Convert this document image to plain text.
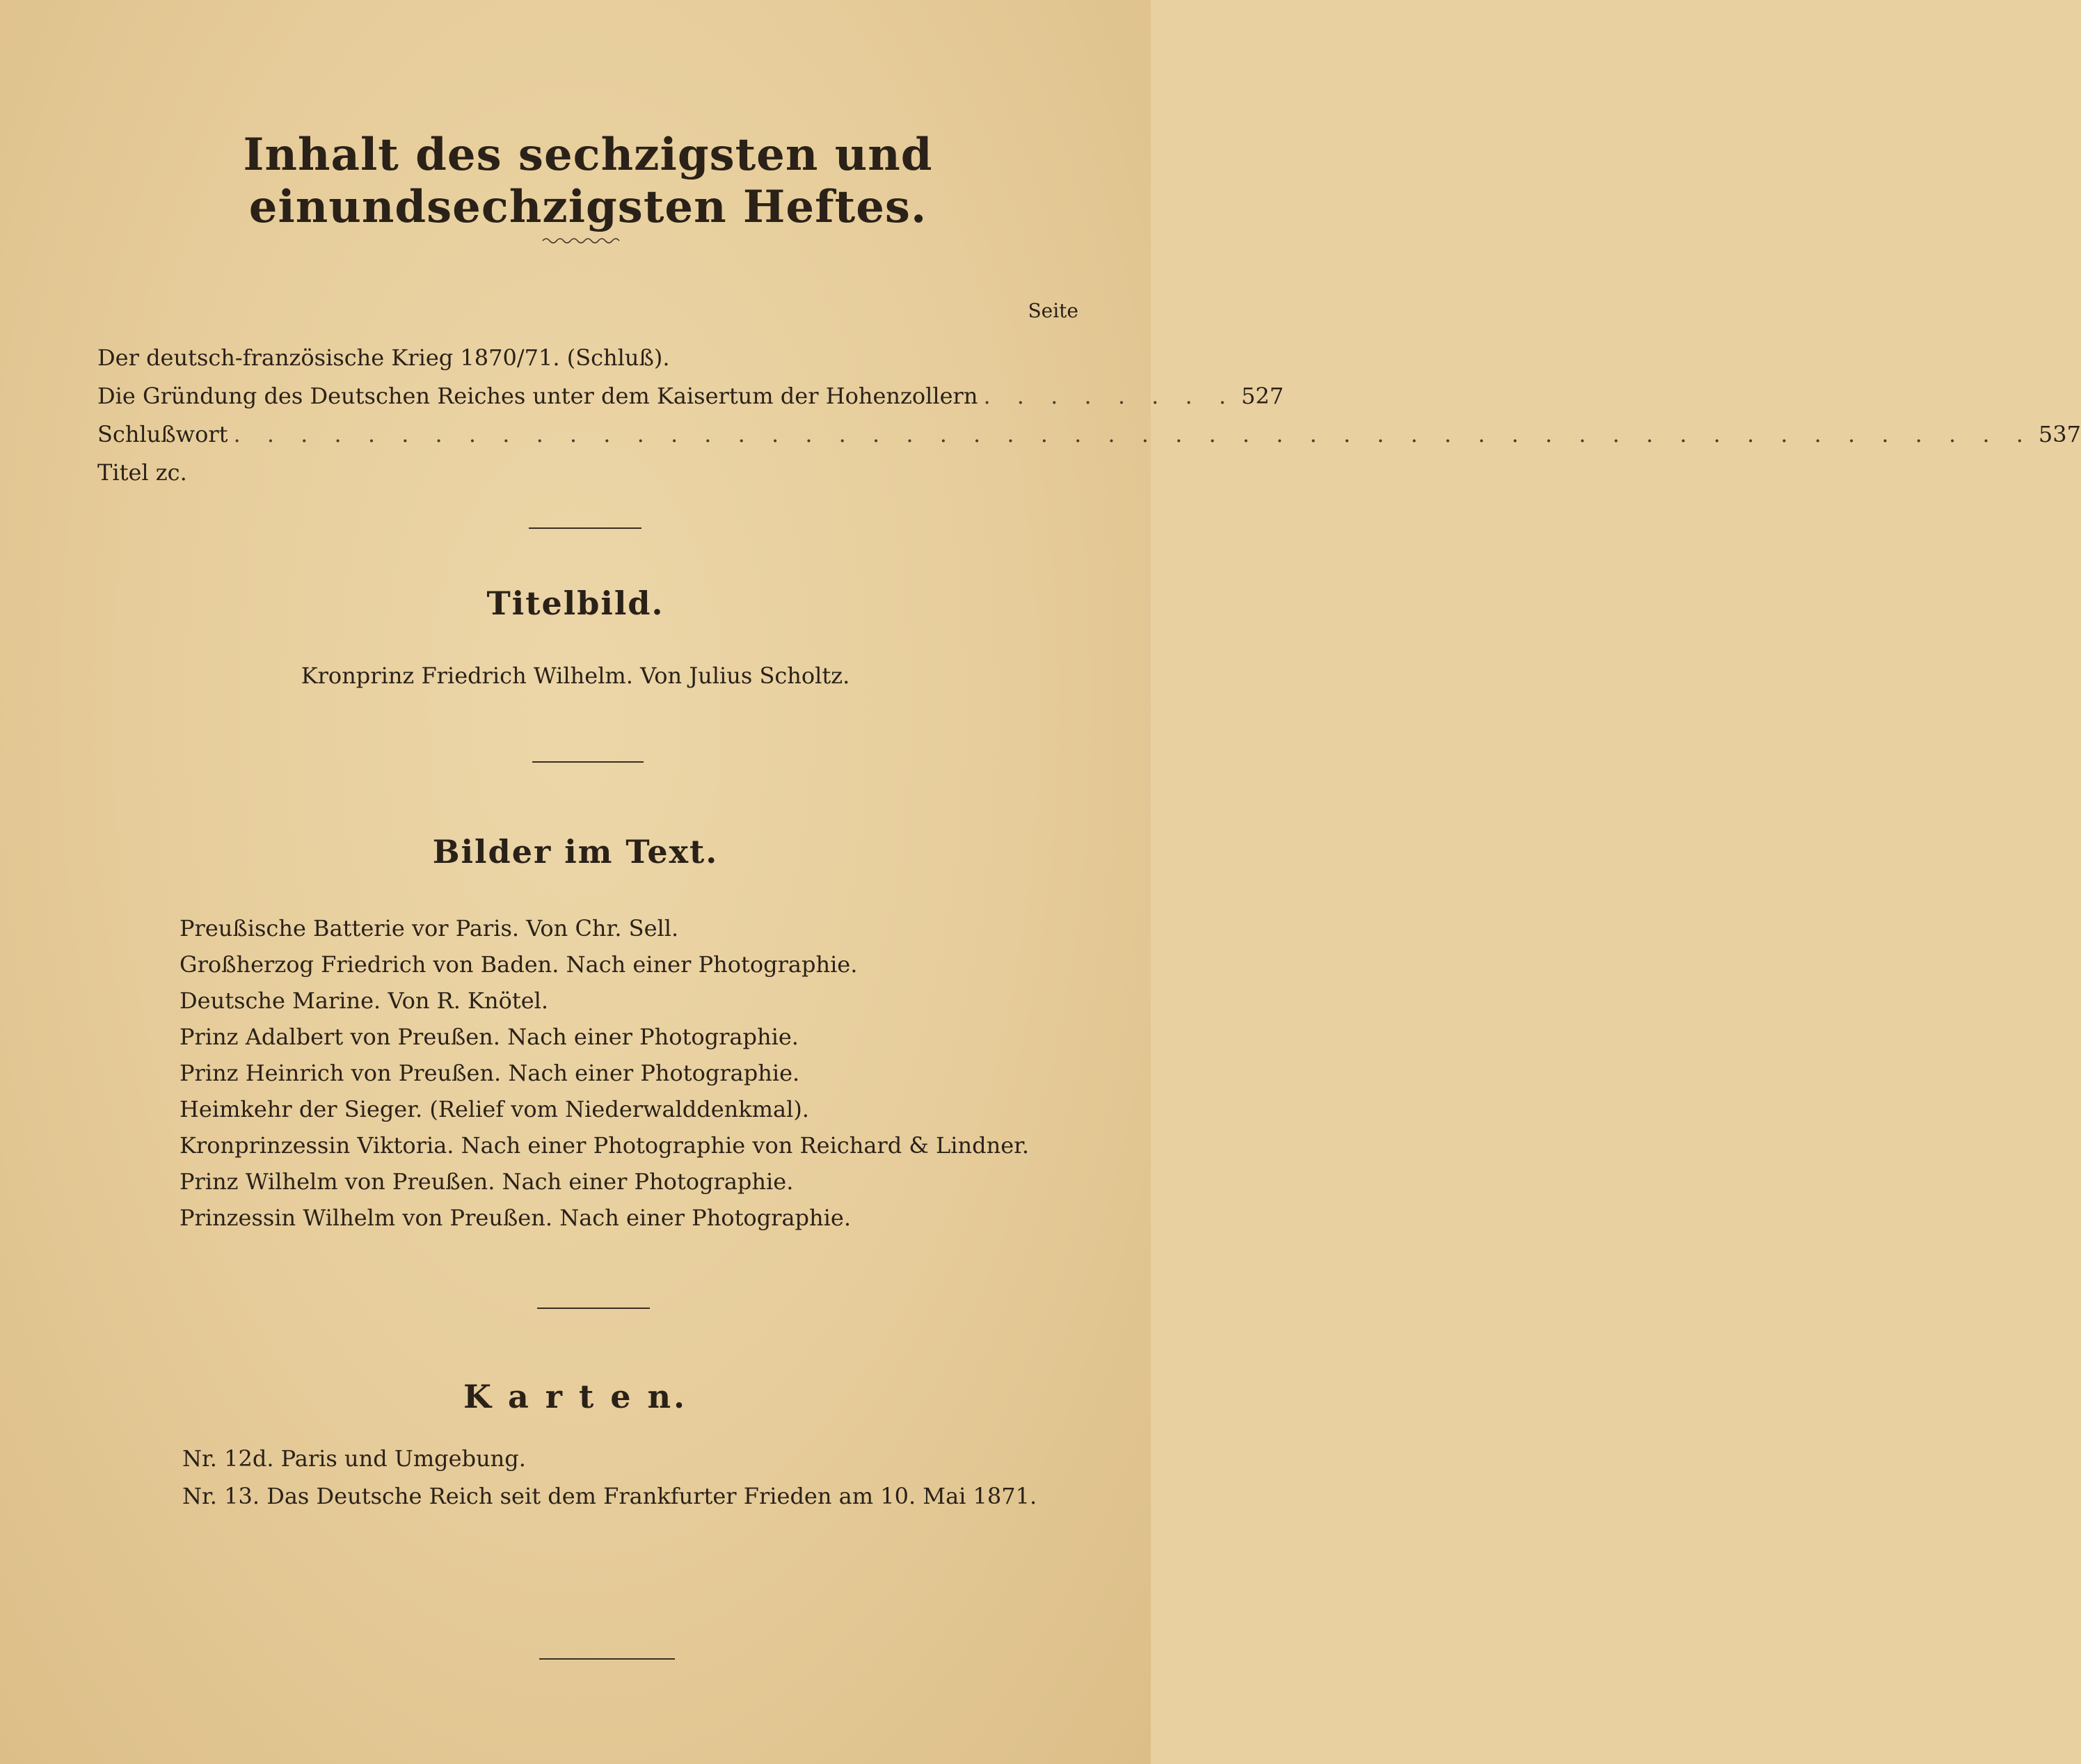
Inhalt des sechzigsten und einundsechzigsten Heftes.
Seite
Der deutsch-französische Krieg 1870/71. (Schluß).
Die Gründung des Deutschen Reiches unter dem Kaisertum der Hohenzollern . . . . . . . . 527
Schlußwort . . . . . . . . . . . . . . . . . . . . . . . . . . . . . . . . . . . . . . . . . . . . . . . . . . . . . . 537
Titel zc.
Titelbild.
Kronprinz Friedrich Wilhelm. Von Julius Scholtz.
Bilder im Text.
Preußische Batterie vor Paris. Von Chr. Sell.
Großherzog Friedrich von Baden. Nach einer Photographie.
Deutsche Marine. Von R. Knötel.
Prinz Adalbert von Preußen. Nach einer Photographie.
Prinz Heinrich von Preußen. Nach einer Photographie.
Heimkehr der Sieger. (Relief vom Niederwalddenkmal).
Kronprinzessin Viktoria. Nach einer Photographie von Reichard & Lindner.
Prinz Wilhelm von Preußen. Nach einer Photographie.
Prinzessin Wilhelm von Preußen. Nach einer Photographie.
K a r t e n.
Nr. 12d. Paris und Umgebung.
Nr. 13. Das Deutsche Reich seit dem Frankfurter Frieden am 10. Mai 1871.
